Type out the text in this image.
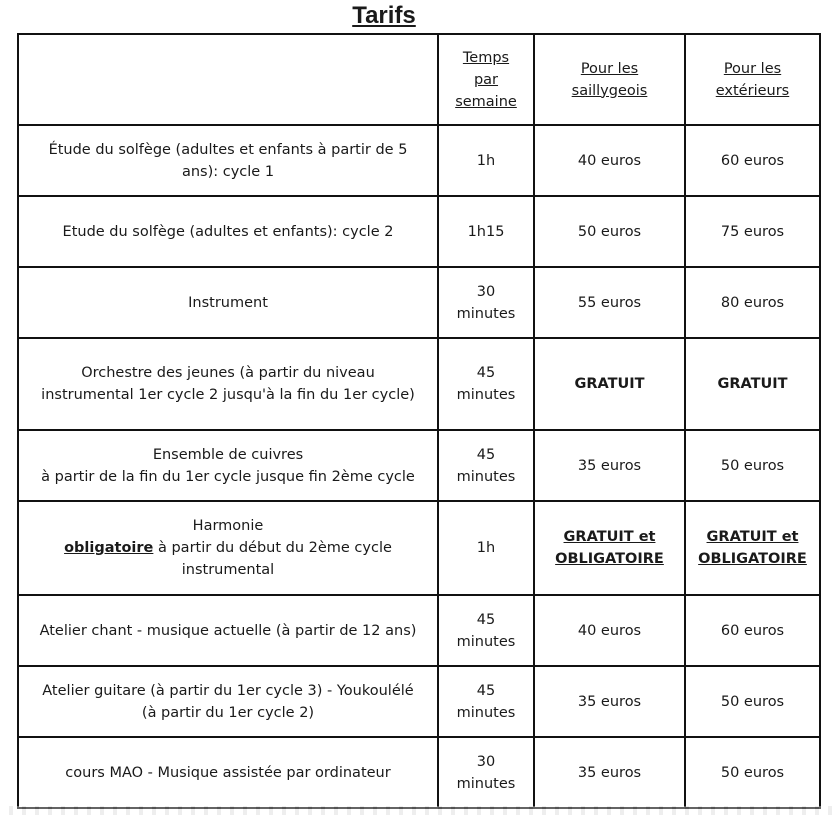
Tarifs
	Temps
par
semaine	Pour les
saillygeois	Pour les
extérieurs
Étude du solfège (adultes et enfants à partir de 5
ans): cycle 1	1h	40 euros	60 euros
Etude du solfège (adultes et enfants): cycle 2	1h15	50 euros	75 euros
Instrument	30
minutes	55 euros	80 euros
Orchestre des jeunes (à partir du niveau
instrumental 1er cycle 2 jusqu'à la fin du 1er cycle)	45
minutes	GRATUIT	GRATUIT
Ensemble de cuivres
à partir de la fin du 1er cycle jusque fin 2ème cycle	45
minutes	35 euros	50 euros
Harmonie
obligatoire à partir du début du 2ème cycle
instrumental	1h	GRATUIT et
OBLIGATOIRE	GRATUIT et
OBLIGATOIRE
Atelier chant - musique actuelle (à partir de 12 ans)	45
minutes	40 euros	60 euros
Atelier guitare (à partir du 1er cycle 3) - Youkoulélé
(à partir du 1er cycle 2)	45
minutes	35 euros	50 euros
cours MAO - Musique assistée par ordinateur	30
minutes	35 euros	50 euros
